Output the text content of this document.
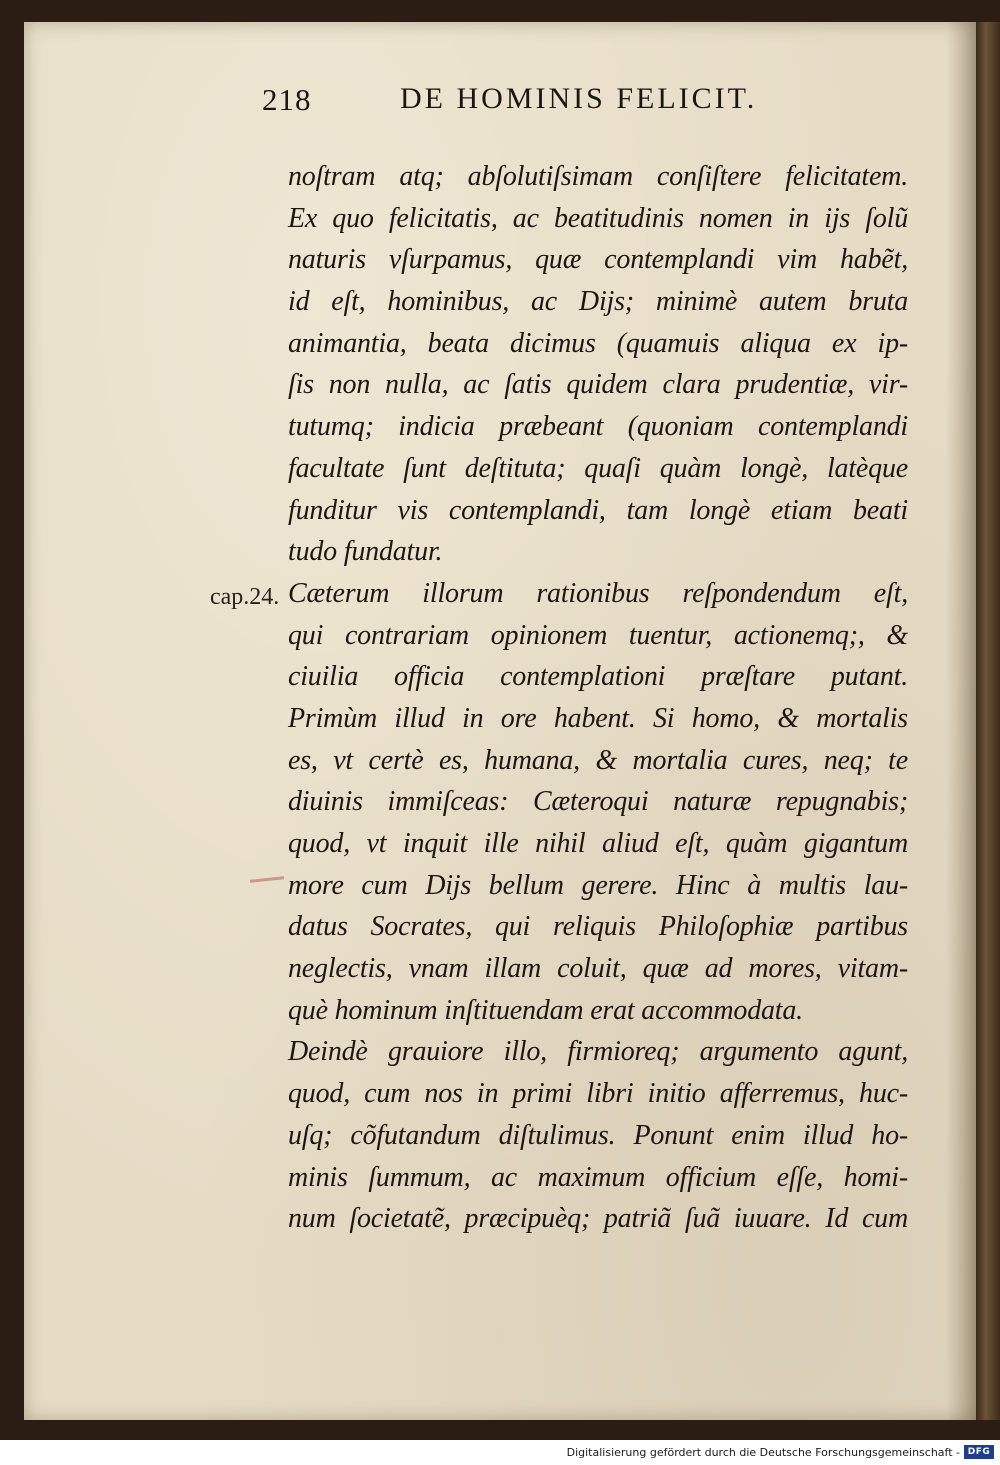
218	DE HOMINIS FELICIT.
cap.24.
noſtram atq; abſolutiſsimam conſiſtere felicitatem.
Ex quo felicitatis, ac beatitudinis nomen in ijs ſolũ
naturis vſurpamus, quæ contemplandi vim habẽt,
id eſt, hominibus, ac Dijs; minimè autem bruta
animantia, beata dicimus (quamuis aliqua ex ip-
ſis non nulla, ac ſatis quidem clara prudentiæ, vir-
tutumq; indicia præbeant (quoniam contemplandi
facultate ſunt deſtituta; quaſi quàm longè, latèque
funditur vis contemplandi, tam longè etiam beati
tudo fundatur.
Cæterum illorum rationibus reſpondendum eſt,
qui contrariam opinionem tuentur, actionemq;, &
ciuilia officia contemplationi præſtare putant.
Primùm illud in ore habent. Si homo, & mortalis
es, vt certè es, humana, & mortalia cures, neq; te
diuinis immiſceas: Cæteroqui naturæ repugnabis;
quod, vt inquit ille nihil aliud eſt, quàm gigantum
more cum Dijs bellum gerere. Hinc à multis lau-
datus Socrates, qui reliquis Philoſophiæ partibus
neglectis, vnam illam coluit, quæ ad mores, vitam-
què hominum inſtituendam erat accommodata.
Deindè grauiore illo, firmioreq; argumento agunt,
quod, cum nos in primi libri initio afferremus, huc-
uſq; cõfutandum diſtulimus. Ponunt enim illud ho-
minis ſummum, ac maximum officium eſſe, homi-
num ſocietatẽ, præcipuèq; patriã ſuã iuuare. Id cum
Digitalisierung gefördert durch die Deutsche Forschungsgemeinschaft - DFG
